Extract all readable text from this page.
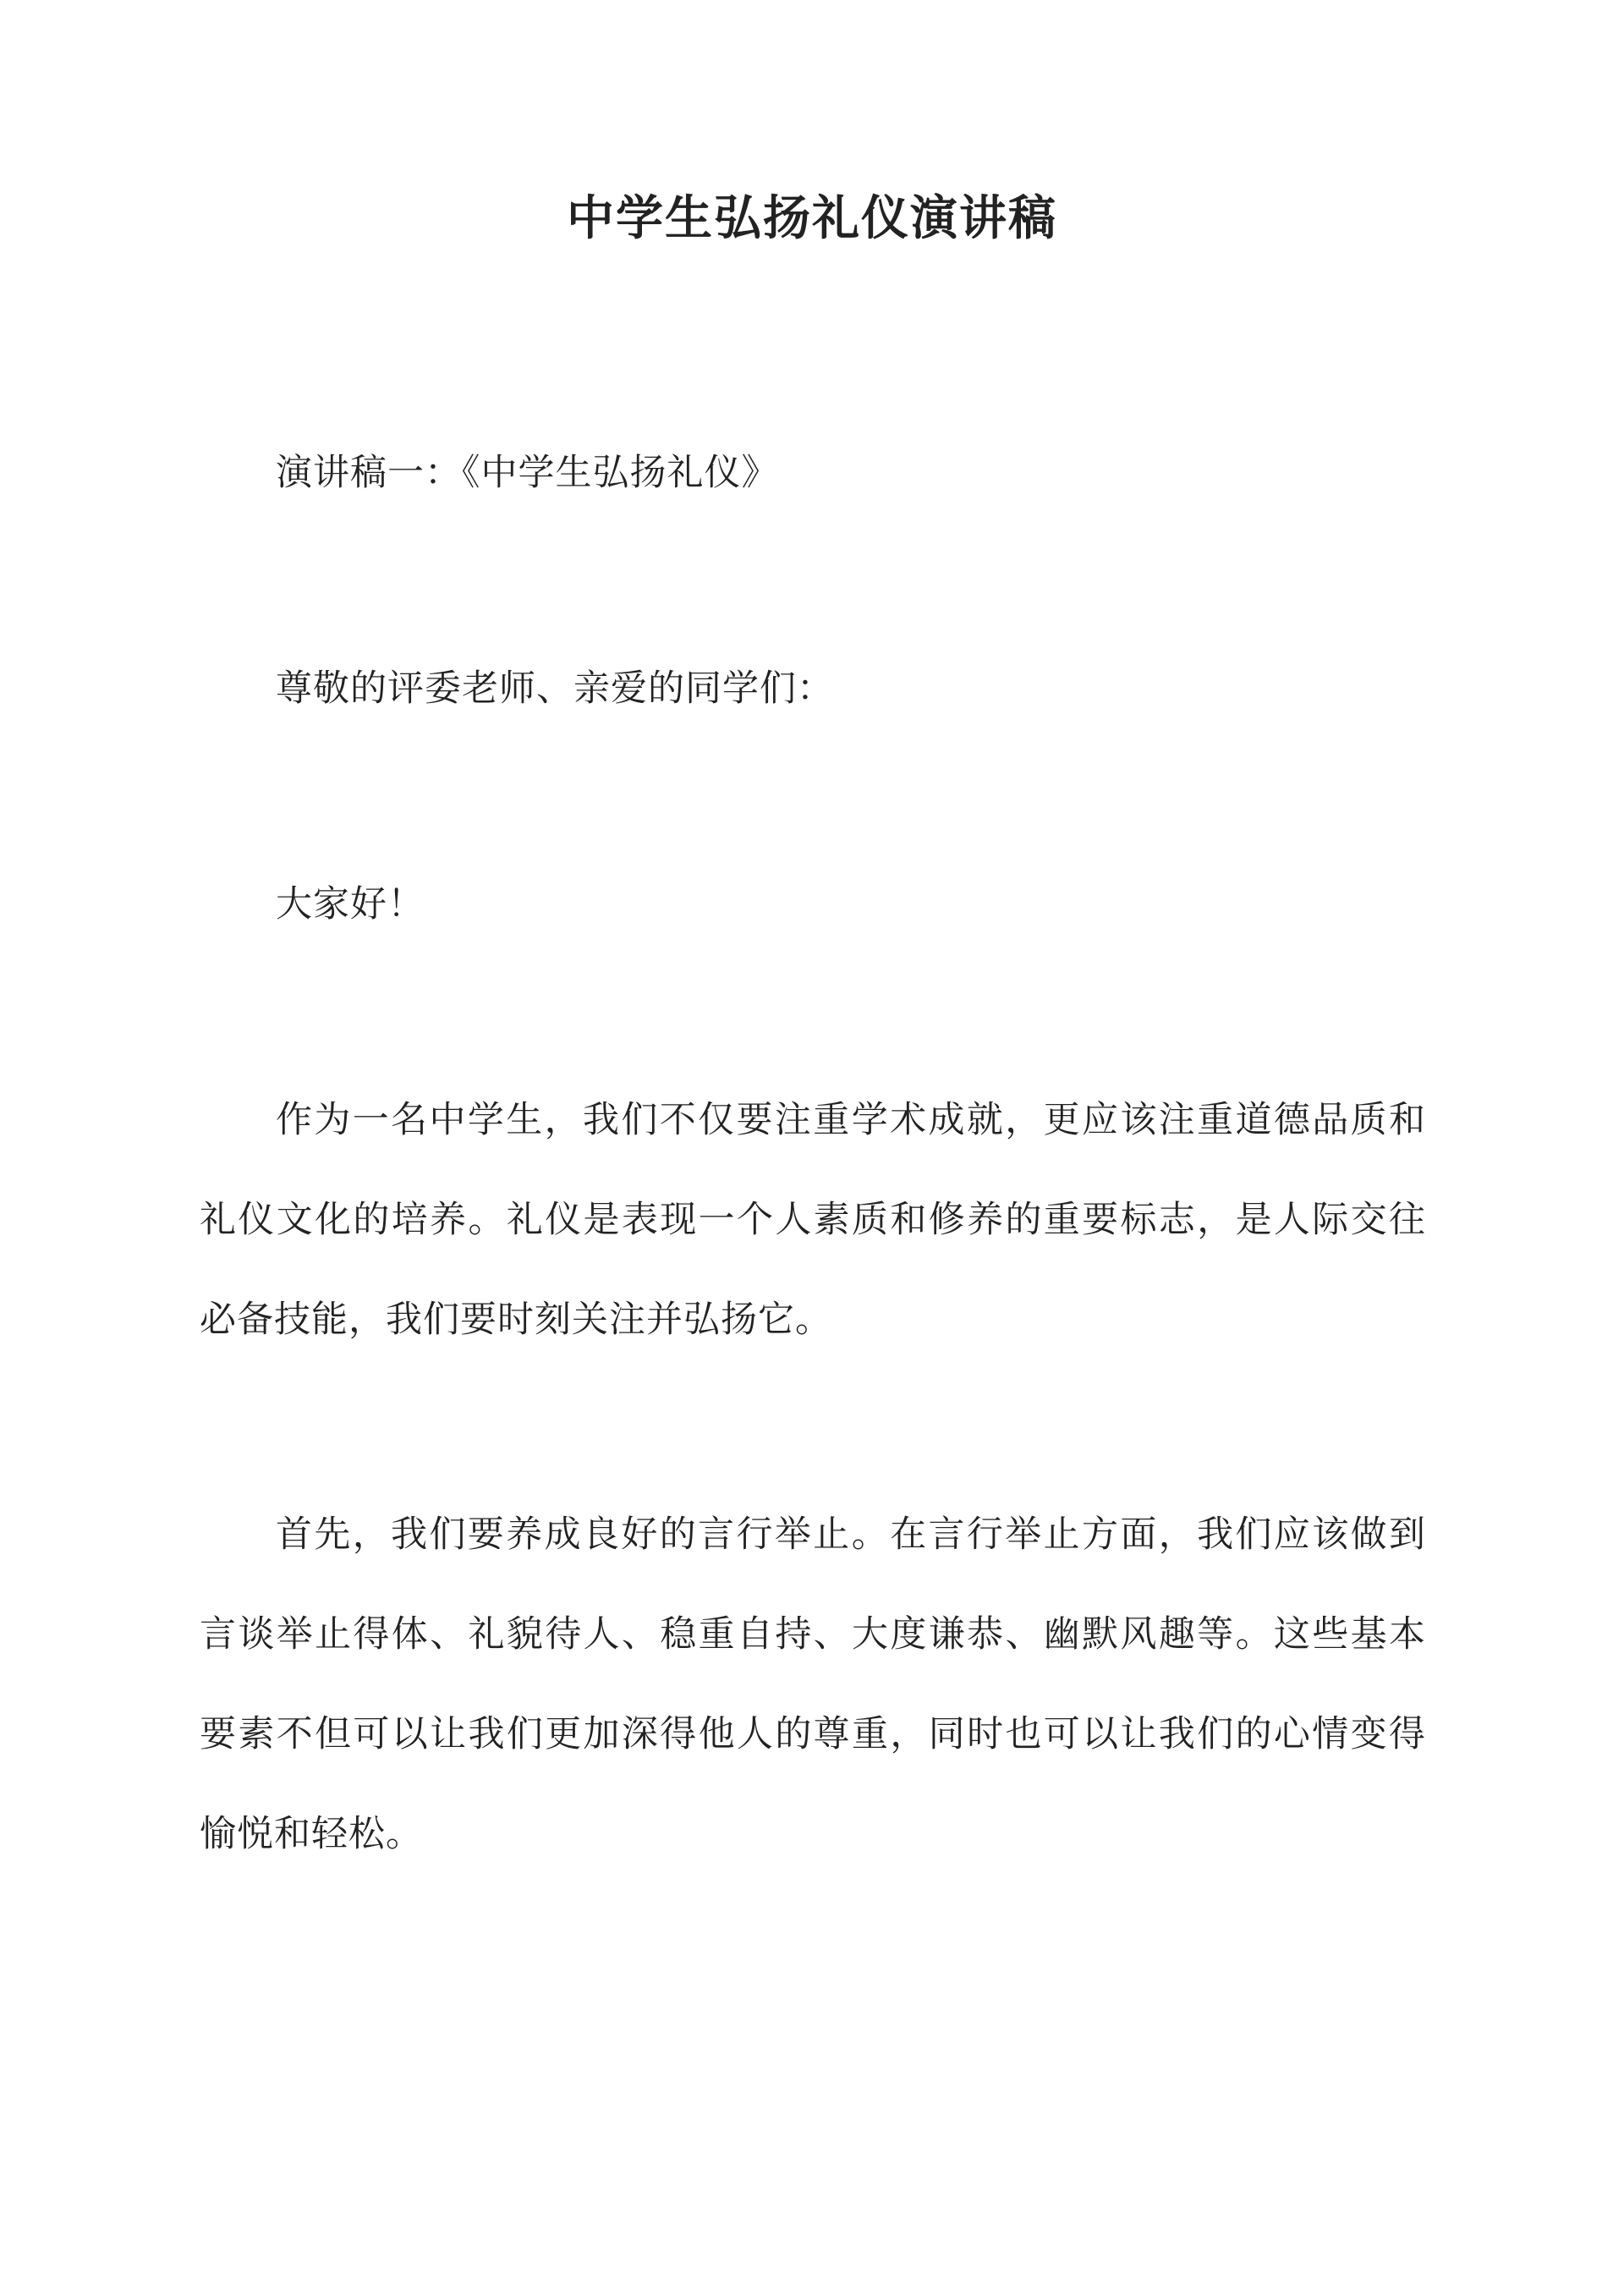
中学生弘扬礼仪演讲稿

演讲稿一：《中学生弘扬礼仪》

尊敬的评委老师、亲爱的同学们：

大家好！

作为一名中学生，我们不仅要注重学术成就，更应该注重道德品质和礼仪文化的培养。礼仪是表现一个人素质和修养的重要标志，是人际交往必备技能，我们要时刻关注并弘扬它。

首先，我们要养成良好的言行举止。在言行举止方面，我们应该做到言谈举止得体、礼貌待人、稳重自持、大度谦恭、幽默风趣等。这些基本要素不但可以让我们更加深得他人的尊重，同时也可以让我们的心情变得愉悦和轻松。
